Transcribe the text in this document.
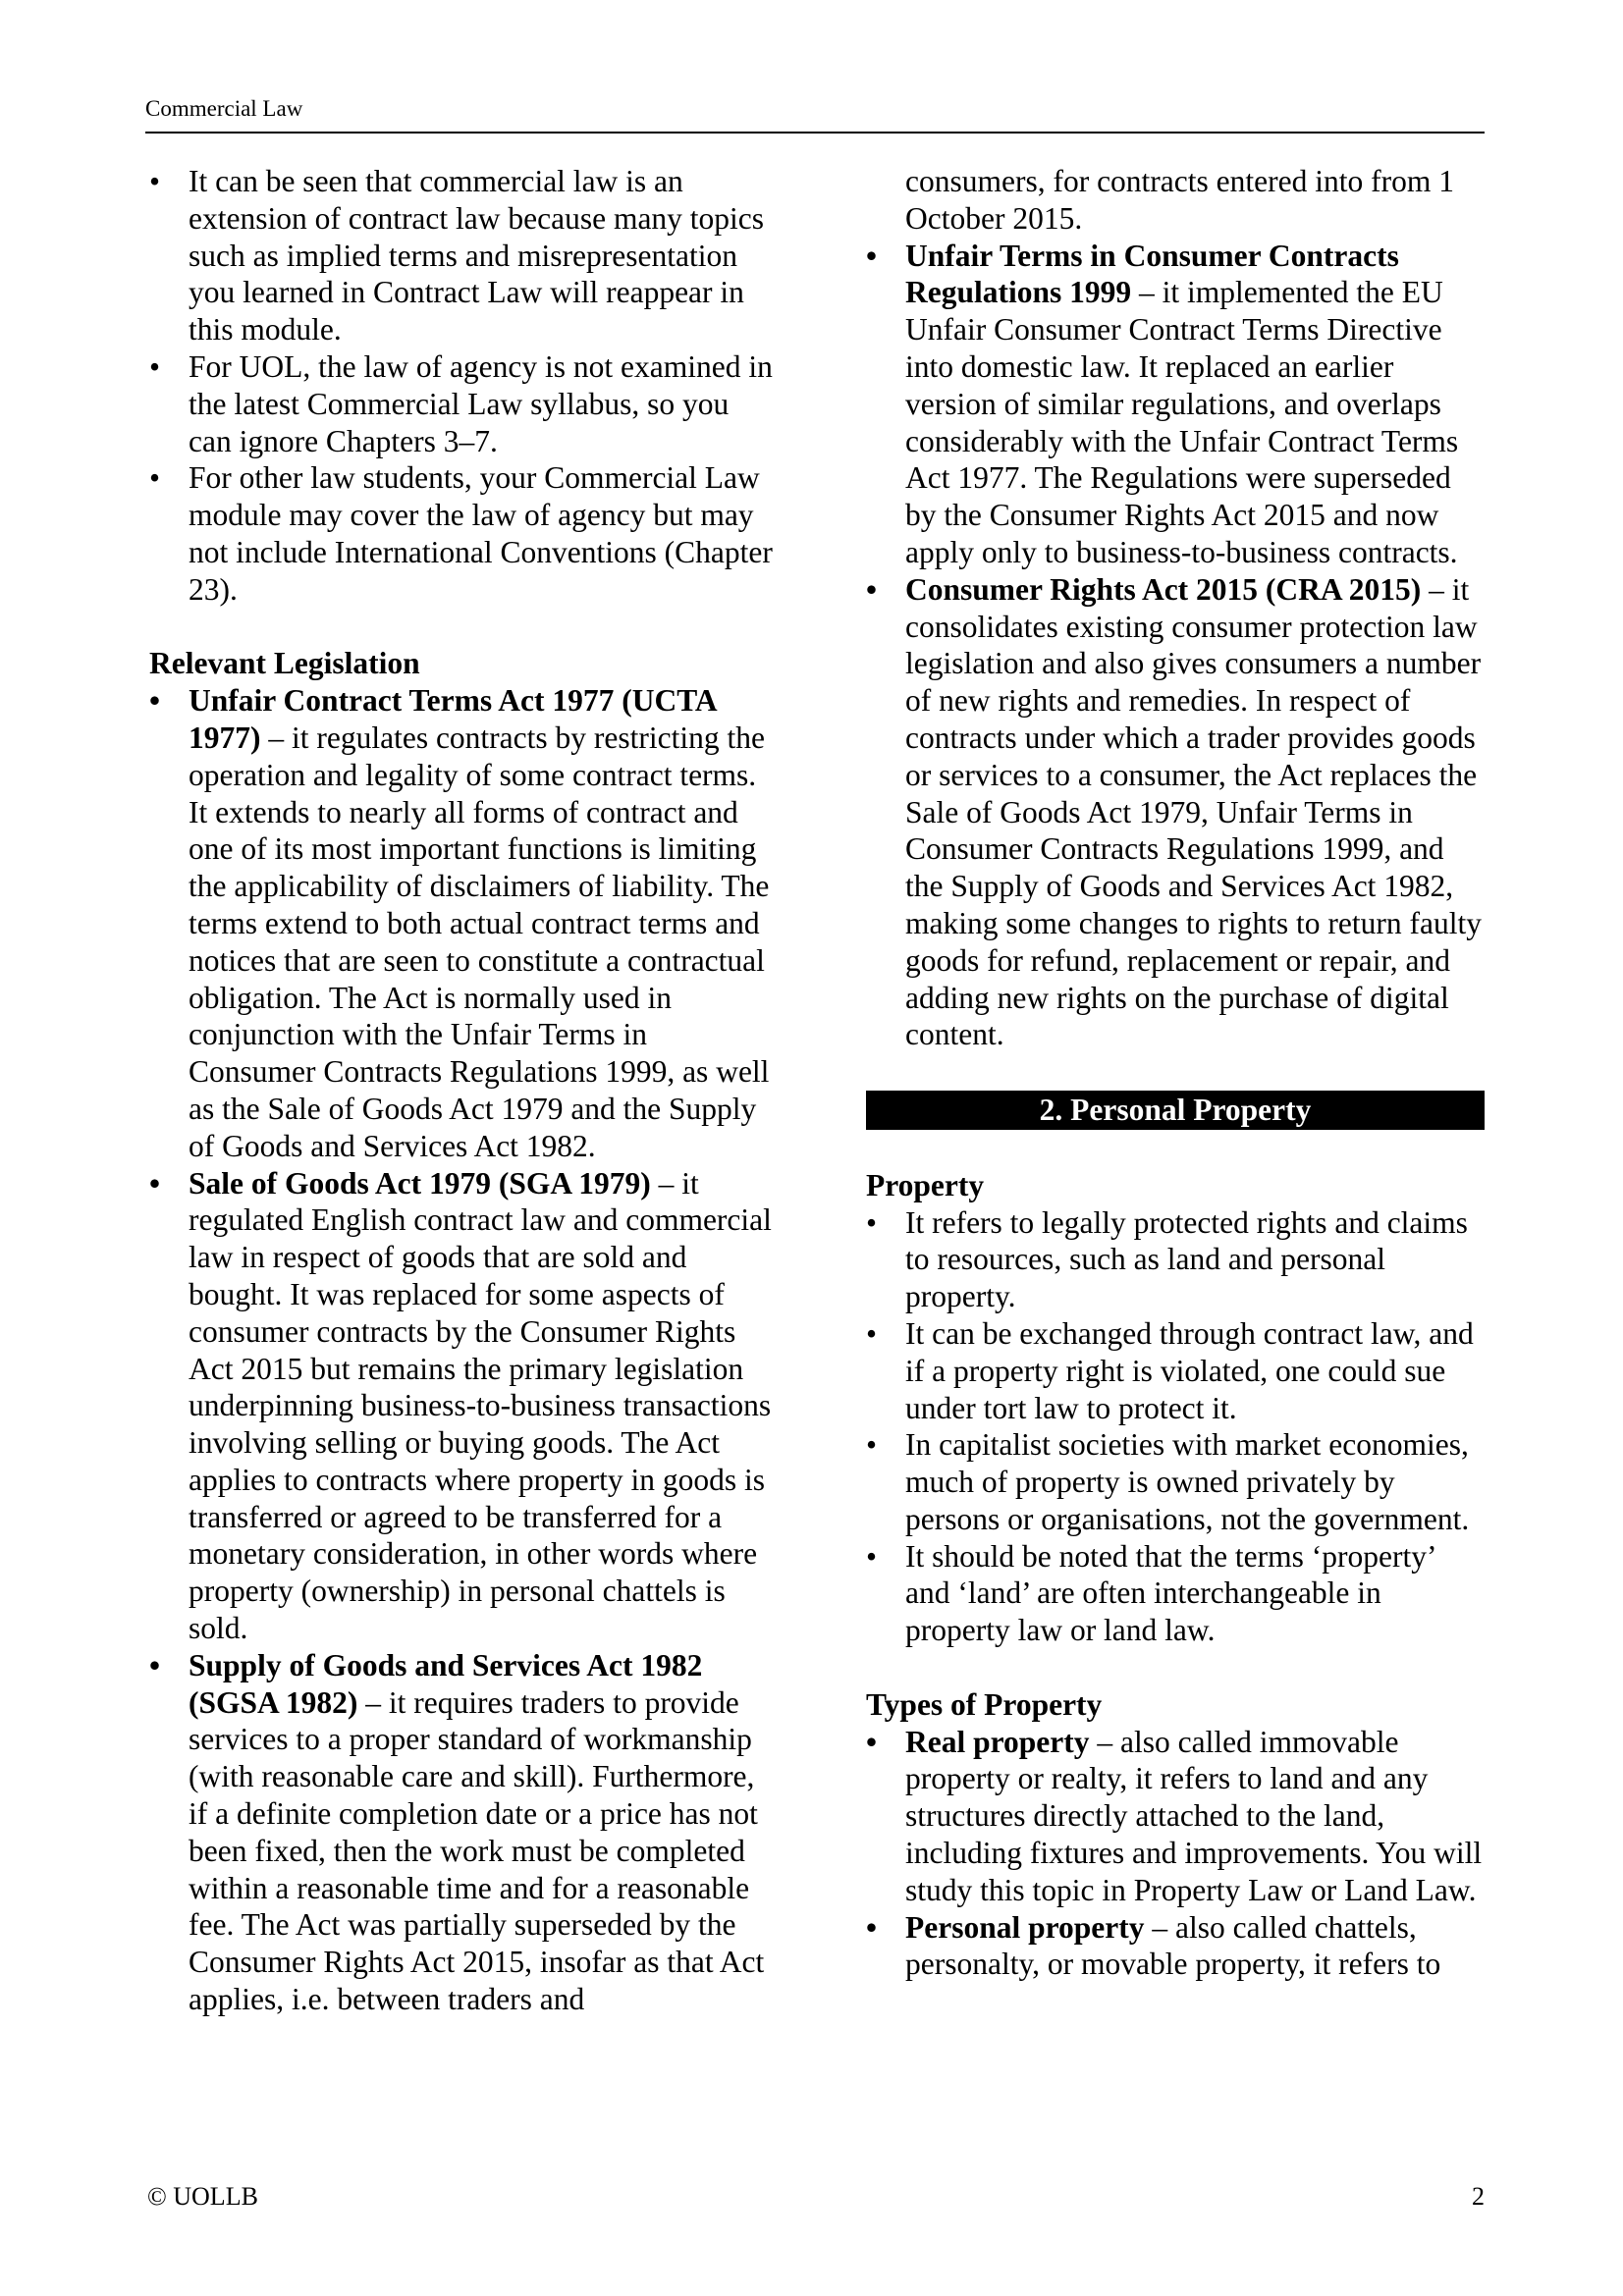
Commercial Law
• It can be seen that commercial law is an extension of contract law because many topics such as implied terms and misrepresentation you learned in Contract Law will reappear in this module.
• For UOL, the law of agency is not examined in the latest Commercial Law syllabus, so you can ignore Chapters 3–7.
• For other law students, your Commercial Law module may cover the law of agency but may not include International Conventions (Chapter 23).
Relevant Legislation
• Unfair Contract Terms Act 1977 (UCTA 1977) – it regulates contracts by restricting the operation and legality of some contract terms. It extends to nearly all forms of contract and one of its most important functions is limiting the applicability of disclaimers of liability. The terms extend to both actual contract terms and notices that are seen to constitute a contractual obligation. The Act is normally used in conjunction with the Unfair Terms in Consumer Contracts Regulations 1999, as well as the Sale of Goods Act 1979 and the Supply of Goods and Services Act 1982.
• Sale of Goods Act 1979 (SGA 1979) – it regulated English contract law and commercial law in respect of goods that are sold and bought. It was replaced for some aspects of consumer contracts by the Consumer Rights Act 2015 but remains the primary legislation underpinning business-to-business transactions involving selling or buying goods. The Act applies to contracts where property in goods is transferred or agreed to be transferred for a monetary consideration, in other words where property (ownership) in personal chattels is sold.
• Supply of Goods and Services Act 1982 (SGSA 1982) – it requires traders to provide services to a proper standard of workmanship (with reasonable care and skill). Furthermore, if a definite completion date or a price has not been fixed, then the work must be completed within a reasonable time and for a reasonable fee. The Act was partially superseded by the Consumer Rights Act 2015, insofar as that Act applies, i.e. between traders and
consumers, for contracts entered into from 1 October 2015.
• Unfair Terms in Consumer Contracts Regulations 1999 – it implemented the EU Unfair Consumer Contract Terms Directive into domestic law. It replaced an earlier version of similar regulations, and overlaps considerably with the Unfair Contract Terms Act 1977. The Regulations were superseded by the Consumer Rights Act 2015 and now apply only to business-to-business contracts.
• Consumer Rights Act 2015 (CRA 2015) – it consolidates existing consumer protection law legislation and also gives consumers a number of new rights and remedies. In respect of contracts under which a trader provides goods or services to a consumer, the Act replaces the Sale of Goods Act 1979, Unfair Terms in Consumer Contracts Regulations 1999, and the Supply of Goods and Services Act 1982, making some changes to rights to return faulty goods for refund, replacement or repair, and adding new rights on the purchase of digital content.
2. Personal Property
Property
• It refers to legally protected rights and claims to resources, such as land and personal property.
• It can be exchanged through contract law, and if a property right is violated, one could sue under tort law to protect it.
• In capitalist societies with market economies, much of property is owned privately by persons or organisations, not the government.
• It should be noted that the terms ‘property’ and ‘land’ are often interchangeable in property law or land law.
Types of Property
• Real property – also called immovable property or realty, it refers to land and any structures directly attached to the land, including fixtures and improvements. You will study this topic in Property Law or Land Law.
• Personal property – also called chattels, personalty, or movable property, it refers to
© UOLLB	2
